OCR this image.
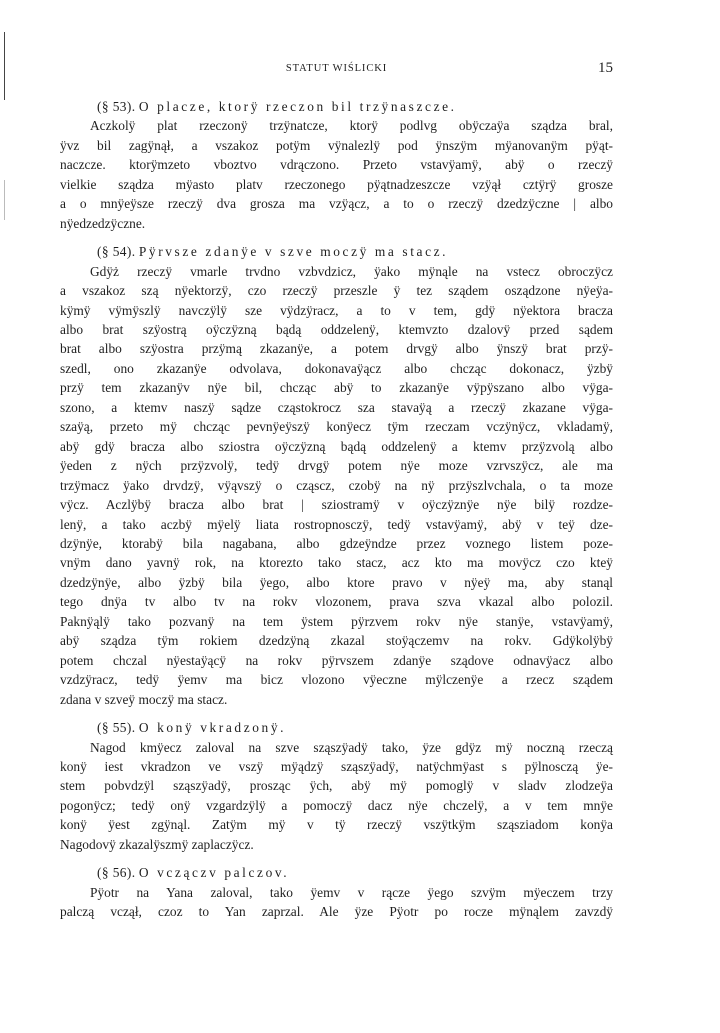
STATUT WIŚLICKI	15
(§ 53). O placze, ktorÿ rzeczon bil trzÿnaszcze.
Aczkolÿ plat rzeczonÿ trzÿnatcze, ktorÿ podlvg obÿczaÿa sządza bral,
ÿvz bil zagÿnął, a vszakoz potÿm vÿnalezlÿ pod ÿnszÿm mÿanovanÿm pÿąt-
naczcze. ktorÿmzeto vboztvo vdrączono. Przeto vstavÿamÿ, abÿ o rzeczÿ
vielkie sządza mÿasto platv rzeczonego pÿątnadzeszcze vzÿął cztÿrÿ grosze
a o mnÿeÿsze rzeczÿ dva grosza ma vzÿącz, a to o rzeczÿ dzedzÿczne | albo
nÿedzedzÿczne.
(§ 54). Pÿrvsze zdanÿe v szve moczÿ ma stacz.
Gdÿż rzeczÿ vmarle trvdno vzbvdzicz, ÿako mÿnąle na vstecz obroczÿcz
a vszakoz szą nÿektorzÿ, czo rzeczÿ przeszle ÿ tez sządem osządzone nÿeÿa-
kÿmÿ vÿmÿszlÿ navczÿlÿ sze vÿdzÿracz, a to v tem, gdÿ nÿektora bracza
albo brat szÿostrą oÿczÿzną bądą oddzelenÿ, ktemvzto dzalovÿ przed sądem
brat albo szÿostra przÿmą zkazanÿe, a potem drvgÿ albo ÿnszÿ brat przÿ-
szedl, ono zkazanÿe odvolava, dokonavaÿącz albo chcząc dokonacz, ÿzbÿ
przÿ tem zkazanÿv nÿe bil, chcząc abÿ to zkazanÿe vÿpÿszano albo vÿga-
szono, a ktemv naszÿ sądze cząstokrocz sza stavaÿą a rzeczÿ zkazane vÿga-
szaÿą, przeto mÿ chcząc pevnÿeÿszÿ konÿecz tÿm rzeczam vczÿnÿcz, vkladamÿ,
abÿ gdÿ bracza albo sziostra oÿczÿzną bądą oddzelenÿ a ktemv przÿzvolą albo
ÿeden z nÿch przÿzvolÿ, tedÿ drvgÿ potem nÿe moze vzrvszÿcz, ale ma
trzÿmacz ÿako drvdzÿ, vÿąvszÿ o cząscz, czobÿ na nÿ przÿszlvchala, o ta moze
vÿcz. Aczlÿbÿ bracza albo brat | sziostramÿ v oÿczÿznÿe nÿe bilÿ rozdze-
lenÿ, a tako aczbÿ mÿelÿ liata rostropnosczÿ, tedÿ vstavÿamÿ, abÿ v teÿ dze-
dzÿnÿe, ktorabÿ bila nagabana, albo gdzeÿndze przez voznego listem poze-
vnÿm dano yavnÿ rok, na ktorezto tako stacz, acz kto ma movÿcz czo kteÿ
dzedzÿnÿe, albo ÿzbÿ bila ÿego, albo ktore pravo v nÿeÿ ma, aby stanąl
tego dnÿa tv albo tv na rokv vlozonem, prava szva vkazal albo polozil.
Paknÿąlÿ tako pozvanÿ na tem ÿstem pÿrzvem rokv nÿe stanÿe, vstavÿamÿ,
abÿ sządza tÿm rokiem dzedzÿną zkazal stoÿączemv na rokv. Gdÿkolÿbÿ
potem chczal nÿestaÿącÿ na rokv pÿrvszem zdanÿe sządove odnavÿacz albo
vzdzÿracz, tedÿ ÿemv ma bicz vlozono vÿeczne mÿlczenÿe a rzecz sządem
zdana v szveÿ moczÿ ma stacz.
(§ 55). O konÿ vkradzonÿ.
Nagod kmÿecz zaloval na szve sząszÿadÿ tako, ÿze gdÿz mÿ noczną rzeczą
konÿ iest vkradzon ve vszÿ mÿądzÿ sząszÿadÿ, natÿchmÿast s pÿlnosczą ÿe-
stem pobvdzÿl sząszÿadÿ, prosząc ÿch, abÿ mÿ pomoglÿ v sladv zlodzeÿa
pogonÿcz; tedÿ onÿ vzgardzÿlÿ a pomoczÿ dacz nÿe chczelÿ, a v tem mnÿe
konÿ ÿest zgÿnąl. Zatÿm mÿ v tÿ rzeczÿ vszÿtkÿm sząsziadom konÿa
Nagodovÿ zkazalÿszmÿ zaplaczÿcz.
(§ 56). O vczączv palczov.
Pÿotr na Yana zaloval, tako ÿemv v rącze ÿego szvÿm mÿeczem trzy
palczą vczął, czoz to Yan zaprzal. Ale ÿze Pÿotr po rocze mÿnąlem zavzdÿ
